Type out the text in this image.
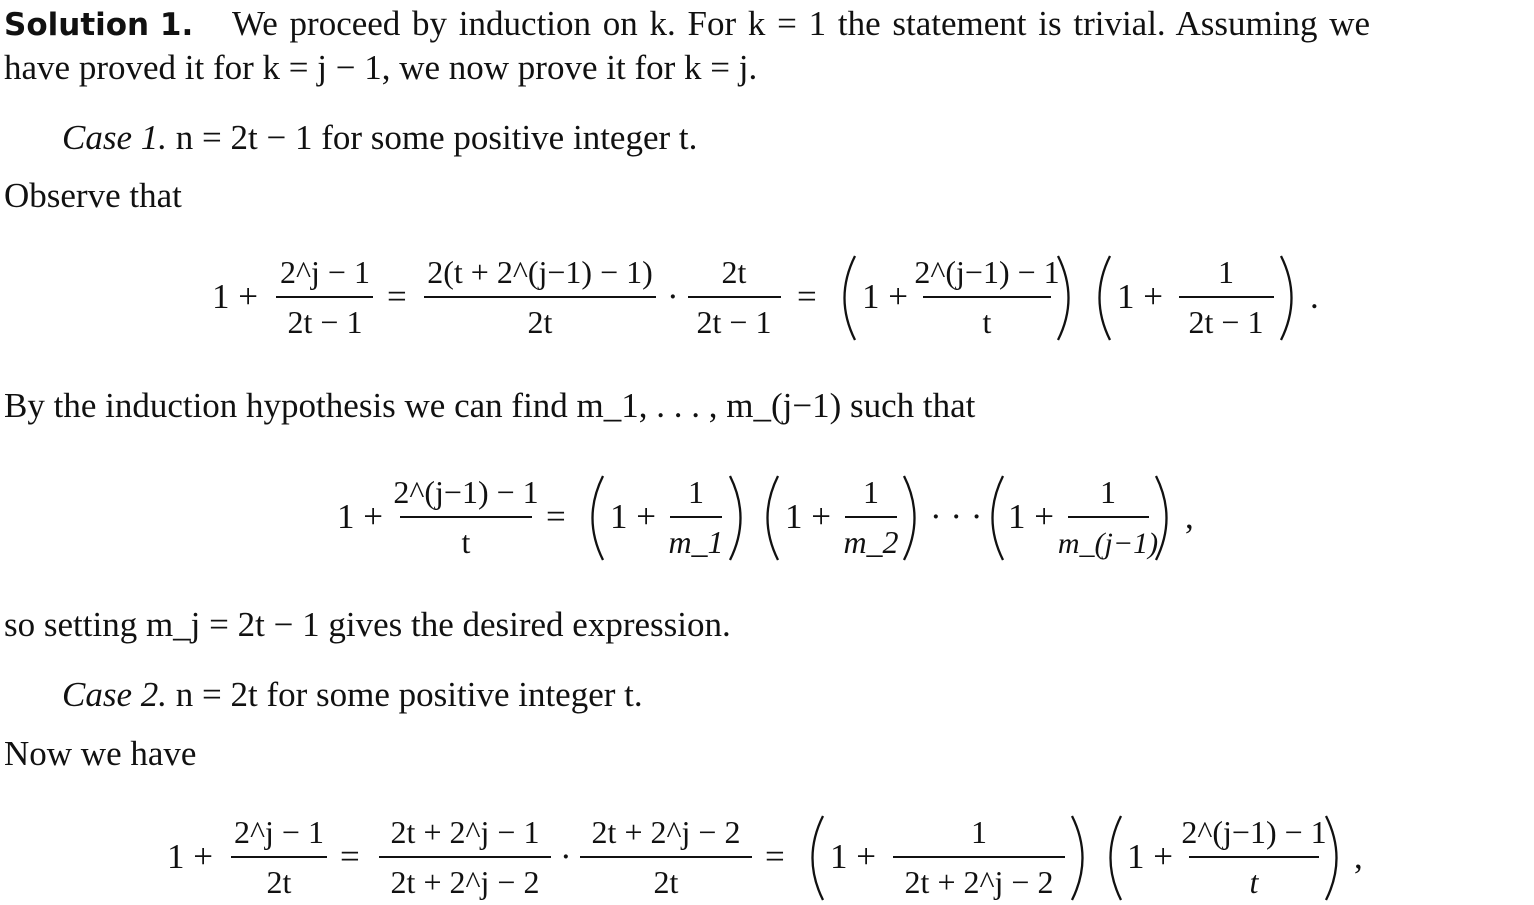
Solution 1. We proceed by induction on k. For k = 1 the statement is trivial. Assuming we
have proved it for k = j − 1, we now prove it for k = j.
Case 1. n = 2t − 1 for some positive integer t.
Observe that
By the induction hypothesis we can find m_1, . . . , m_(j−1) such that
so setting m_j = 2t − 1 gives the desired expression.
Case 2. n = 2t for some positive integer t.
Now we have
1 +
2^j − 1
2t − 1
=
2(t + 2^(j−1) − 1)
2t
·
2t
2t − 1
= 1 +
2^(j−1) − 1
t
1 +
1
2t − 1
.
1 +
2^(j−1) − 1
t
= 1 +
1
m_1
1 +
1
m_2
· · · 1 +
1
m_(j−1)
,
1 +
2^j − 1
2t
=
2t + 2^j − 1
2t + 2^j − 2
·
2t + 2^j − 2
2t
= 1 +
1
2t + 2^j − 2
1 +
2^(j−1) − 1
t
,
